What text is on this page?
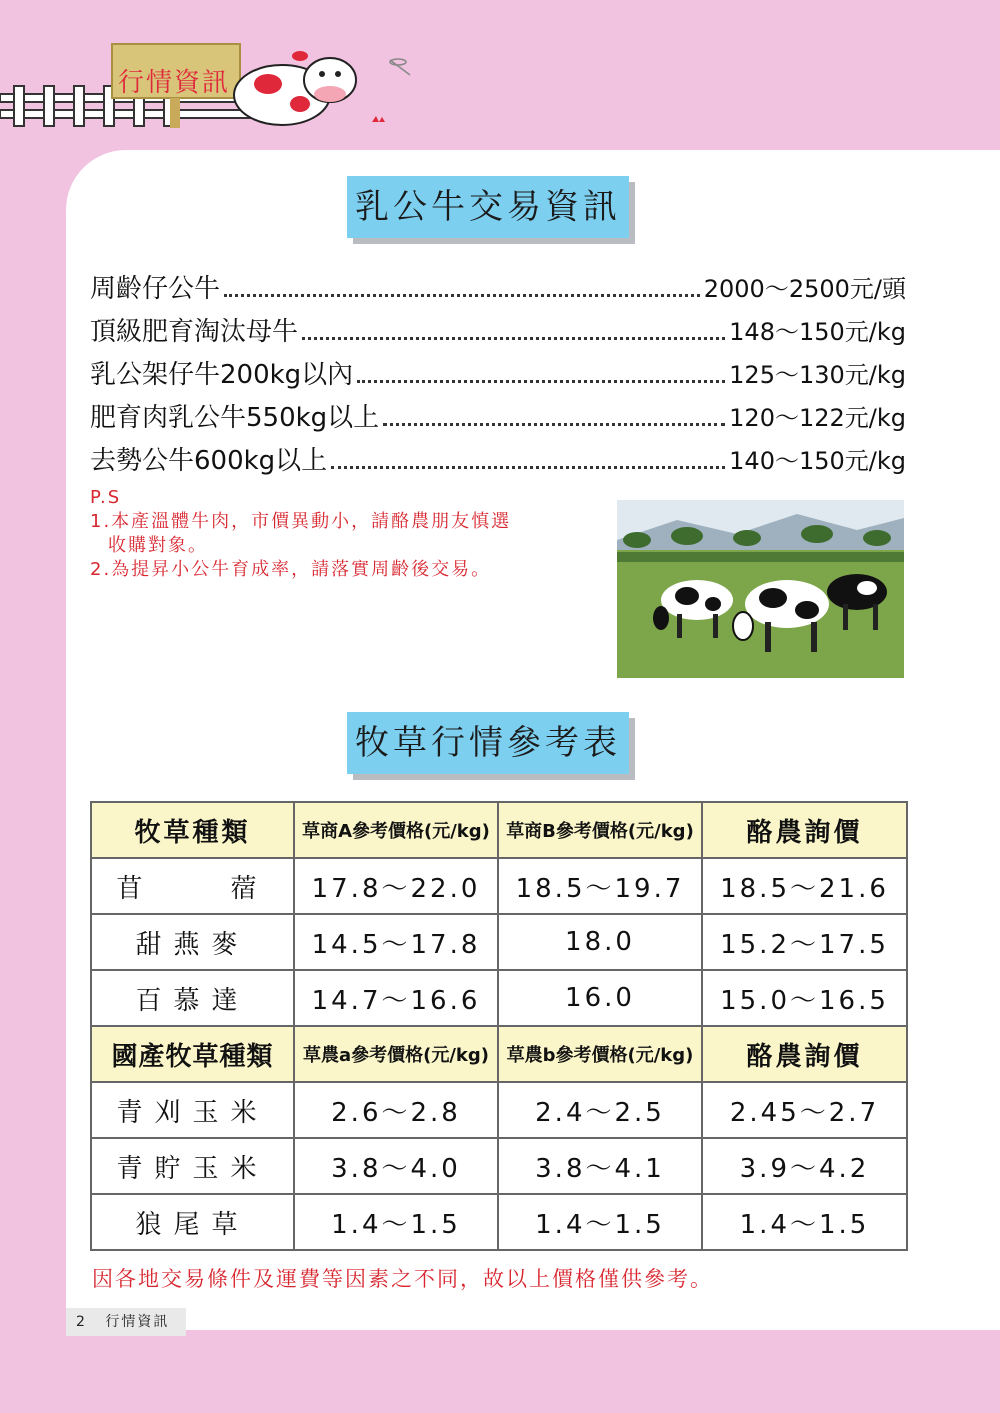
行情資訊
乳公牛交易資訊
周齡仔公牛	2000～2500元/頭
頂級肥育淘汰母牛	148～150元/kg
乳公架仔牛200kg以內	125～130元/kg
肥育肉乳公牛550kg以上	120～122元/kg
去勢公牛600kg以上	140～150元/kg
P.S
1.本產溫體牛肉，市價異動小，請酪農朋友慎選
收購對象。
2.為提昇小公牛育成率，請落實周齡後交易。
牧草行情參考表
牧草種類	草商A參考價格(元/kg)	草商B參考價格(元/kg)	酪農詢價
苜　　蓿	17.8～22.0	18.5～19.7	18.5～21.6
甜燕麥	14.5～17.8	18.0	15.2～17.5
百慕達	14.7～16.6	16.0	15.0～16.5
國產牧草種類	草農a參考價格(元/kg)	草農b參考價格(元/kg)	酪農詢價
青刈玉米	2.6～2.8	2.4～2.5	2.45～2.7
青貯玉米	3.8～4.0	3.8～4.1	3.9～4.2
狼尾草	1.4～1.5	1.4～1.5	1.4～1.5
因各地交易條件及運費等因素之不同，故以上價格僅供參考。
2 行情資訊
